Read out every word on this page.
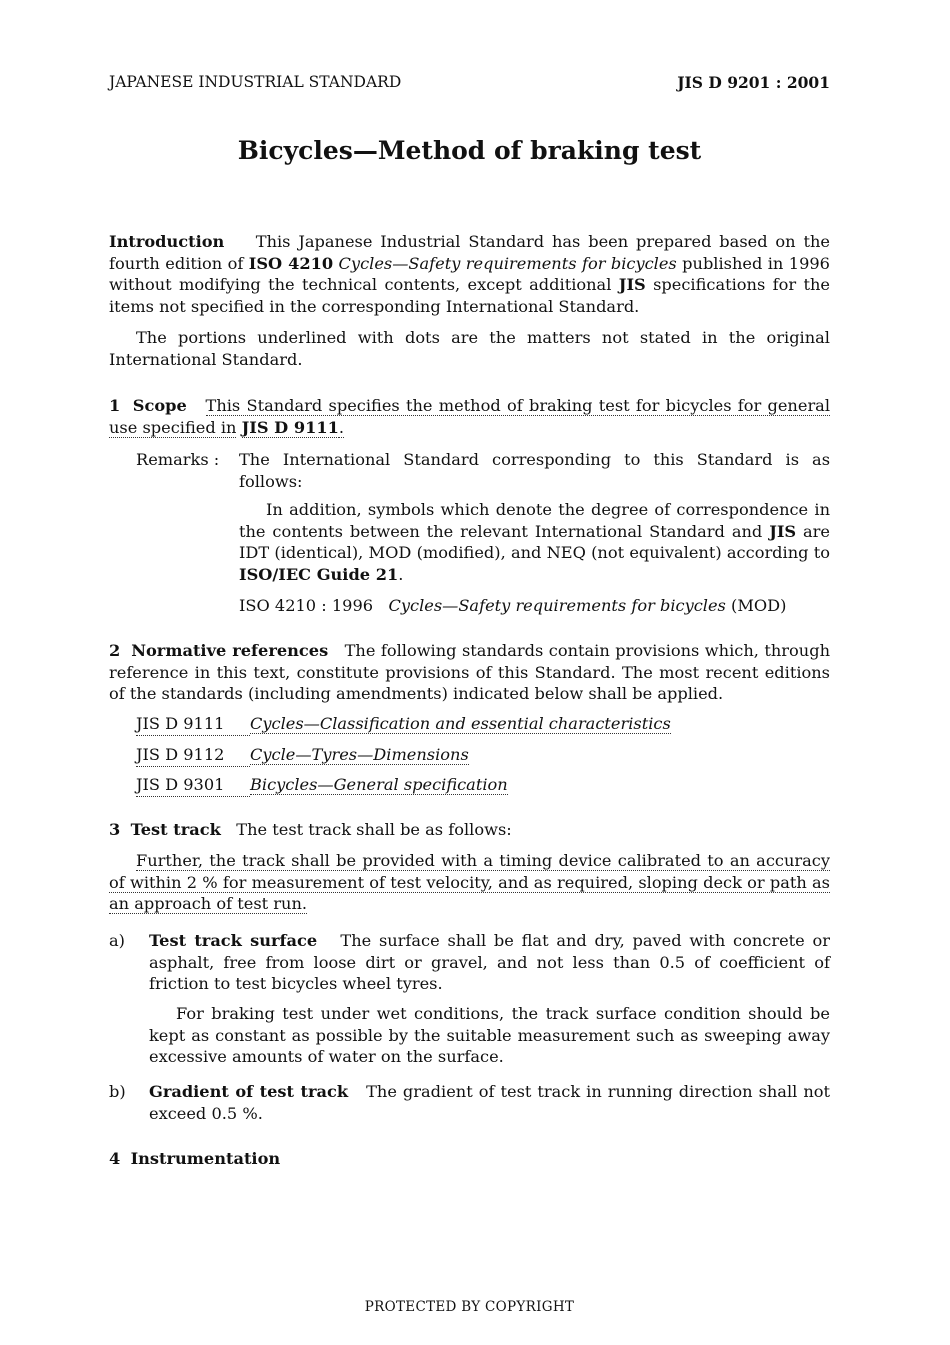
JAPANESE INDUSTRIAL STANDARD	JIS D 9201 : 2001
Bicycles—Method of braking test
Introduction This Japanese Industrial Standard has been prepared based on the fourth edition of ISO 4210 Cycles—Safety requirements for bicycles published in 1996 without modifying the technical contents, except additional JIS specifications for the items not specified in the corresponding International Standard.
The portions underlined with dots are the matters not stated in the original International Standard.
1 Scope This Standard specifies the method of braking test for bicycles for general use specified in JIS D 9111.
Remarks : The International Standard corresponding to this Standard is as follows:
In addition, symbols which denote the degree of correspondence in the contents between the relevant International Standard and JIS are IDT (identical), MOD (modified), and NEQ (not equivalent) according to ISO/IEC Guide 21.
ISO 4210 : 1996 Cycles—Safety requirements for bicycles (MOD)
2 Normative references The following standards contain provisions which, through reference in this text, constitute provisions of this Standard. The most recent editions of the standards (including amendments) indicated below shall be applied.
JIS D 9111 Cycles—Classification and essential characteristics
JIS D 9112 Cycle—Tyres—Dimensions
JIS D 9301 Bicycles—General specification
3 Test track The test track shall be as follows:
Further, the track shall be provided with a timing device calibrated to an accuracy of within 2 % for measurement of test velocity, and as required, sloping deck or path as an approach of test run.
a) Test track surface The surface shall be flat and dry, paved with concrete or asphalt, free from loose dirt or gravel, and not less than 0.5 of coefficient of friction to test bicycles wheel tyres.
For braking test under wet conditions, the track surface condition should be kept as constant as possible by the suitable measurement such as sweeping away excessive amounts of water on the surface.
b) Gradient of test track The gradient of test track in running direction shall not exceed 0.5 %.
4 Instrumentation
PROTECTED BY COPYRIGHT
